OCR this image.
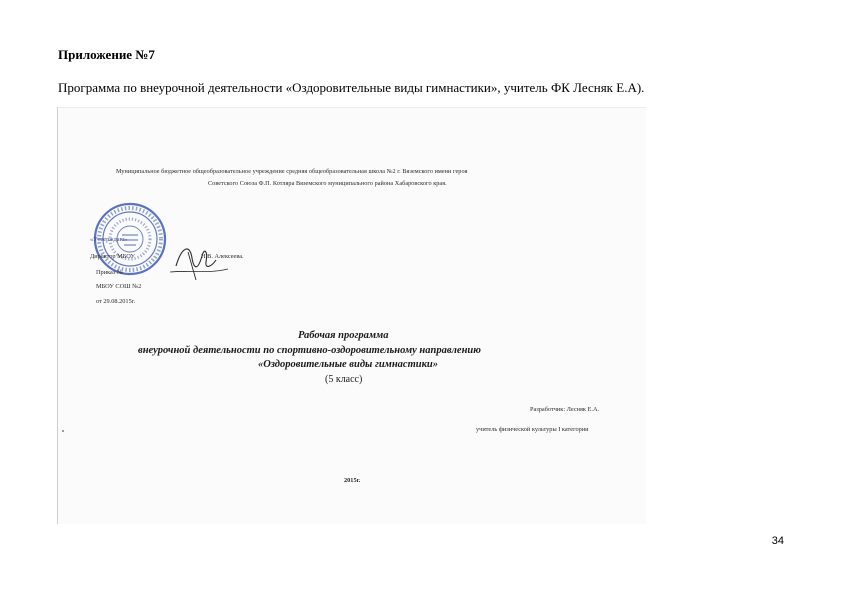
Приложение №7
Программа по внеурочной деятельности «Оздоровительные виды гимнастики», учитель ФК Лесняк Е.А).
Муниципальное бюджетное общеобразовательное учреждение средняя общеобразовательная школа №2 г. Вяземского имени героя
Советского Союза Ф.П. Котляра Вяземского муниципального района Хабаровского края.
«Утверждаю»
Директор МБОУ	Н.В. Алексеева.
Приказ №
МБОУ СОШ №2
от 29.08.2015г.
Рабочая программа
внеурочной деятельности по спортивно-оздоровительному направлению
«Оздоровительные виды гимнастики»
(5 класс)
Разработчик: Лесняк Е.А.
учитель физической культуры I категории
2015г.
34
